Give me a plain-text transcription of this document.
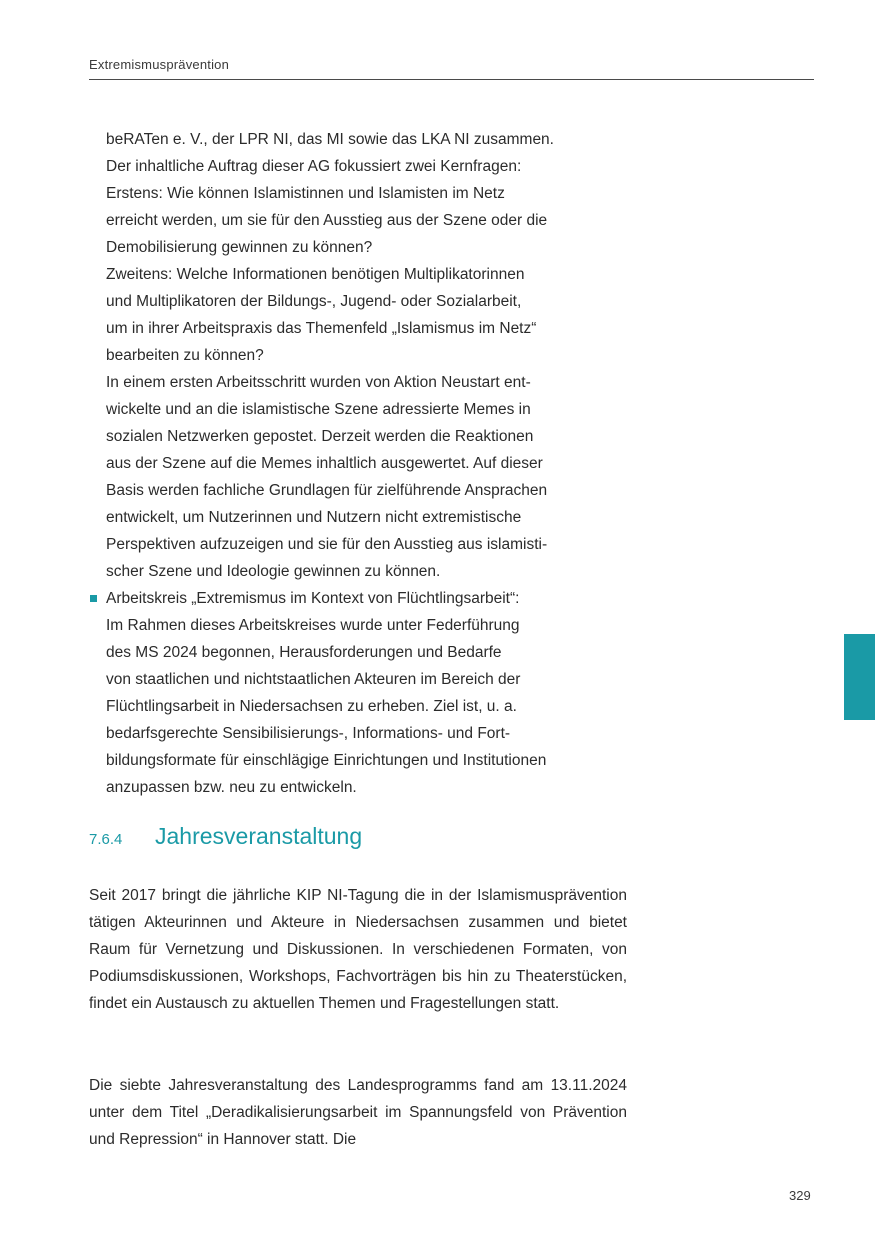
Extremismusprävention

beRATen e. V., der LPR NI, das MI sowie das LKA NI zusammen.

Der inhaltliche Auftrag dieser AG fokussiert zwei Kernfragen:

Erstens: Wie können Islamistinnen und Islamisten im Netz

erreicht werden, um sie für den Ausstieg aus der Szene oder die

Demobilisierung gewinnen zu können?

Zweitens: Welche Informationen benötigen Multiplikatorinnen

und Multiplikatoren der Bildungs-, Jugend- oder Sozialarbeit,

um in ihrer Arbeitspraxis das Themenfeld „Islamismus im Netz“

bearbeiten zu können?

In einem ersten Arbeitsschritt wurden von Aktion Neustart ent-

wickelte und an die islamistische Szene adressierte Memes in

sozialen Netzwerken gepostet. Derzeit werden die Reaktionen

aus der Szene auf die Memes inhaltlich ausgewertet. Auf dieser

Basis werden fachliche Grundlagen für zielführende Ansprachen

entwickelt, um Nutzerinnen und Nutzern nicht extremistische

Perspektiven aufzuzeigen und sie für den Ausstieg aus islamisti-

scher Szene und Ideologie gewinnen zu können.

Arbeitskreis „Extremismus im Kontext von Flüchtlingsarbeit“:

Im Rahmen dieses Arbeitskreises wurde unter Federführung

des MS 2024 begonnen, Herausforderungen und Bedarfe

von staatlichen und nichtstaatlichen Akteuren im Bereich der

Flüchtlingsarbeit in Niedersachsen zu erheben. Ziel ist, u. a.

bedarfsgerechte Sensibilisierungs-, Informations- und Fort-

bildungsformate für einschlägige Einrichtungen und Institutionen

anzupassen bzw. neu zu entwickeln.

7.6.4	Jahresveranstaltung

Seit 2017 bringt die jährliche KIP NI-Tagung die in der Islamismusprävention tätigen Akteurinnen und Akteure in Niedersachsen zusammen und bietet Raum für Vernetzung und Diskussionen. In verschiedenen Formaten, von Podiumsdiskussionen, Workshops, Fachvorträgen bis hin zu Theaterstücken, findet ein Austausch zu aktuellen Themen und Fragestellungen statt.

Die siebte Jahresveranstaltung des Landesprogramms fand am 13.11.2024 unter dem Titel „Deradikalisierungsarbeit im Spannungsfeld von Prävention und Repression“ in Hannover statt. Die

329
